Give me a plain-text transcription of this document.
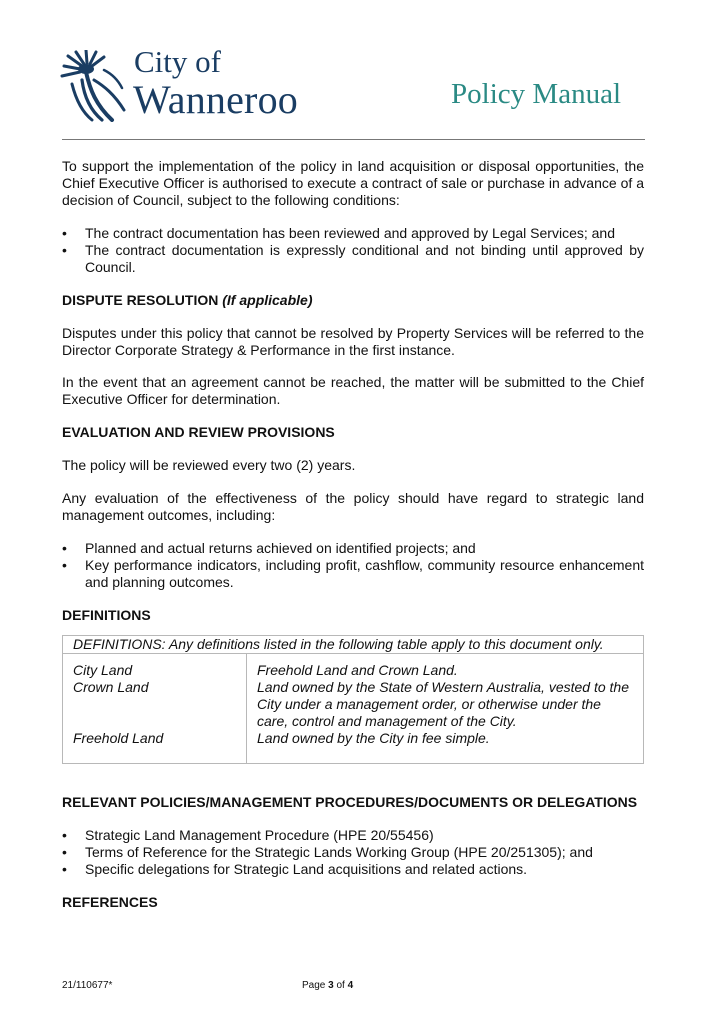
City of
Wanneroo	Policy Manual

To support the implementation of the policy in land acquisition or disposal opportunities, the Chief Executive Officer is authorised to execute a contract of sale or purchase in advance of a decision of Council, subject to the following conditions:

• The contract documentation has been reviewed and approved by Legal Services; and
• The contract documentation is expressly conditional and not binding until approved by Council.

DISPUTE RESOLUTION (If applicable)

Disputes under this policy that cannot be resolved by Property Services will be referred to the Director Corporate Strategy & Performance in the first instance.

In the event that an agreement cannot be reached, the matter will be submitted to the Chief Executive Officer for determination.

EVALUATION AND REVIEW PROVISIONS

The policy will be reviewed every two (2) years.

Any evaluation of the effectiveness of the policy should have regard to strategic land management outcomes, including:

• Planned and actual returns achieved on identified projects; and
• Key performance indicators, including profit, cashflow, community resource enhancement and planning outcomes.

DEFINITIONS

DEFINITIONS: Any definitions listed in the following table apply to this document only.	
City Land	Freehold Land and Crown Land.
Crown Land	Land owned by the State of Western Australia, vested to the City under a management order, or otherwise under the care, control and management of the City.
Freehold Land	Land owned by the City in fee simple.

RELEVANT POLICIES/MANAGEMENT PROCEDURES/DOCUMENTS OR DELEGATIONS

• Strategic Land Management Procedure (HPE 20/55456)
• Terms of Reference for the Strategic Lands Working Group (HPE 20/251305); and
• Specific delegations for Strategic Land acquisitions and related actions.

REFERENCES

21/110677*	Page 3 of 4
